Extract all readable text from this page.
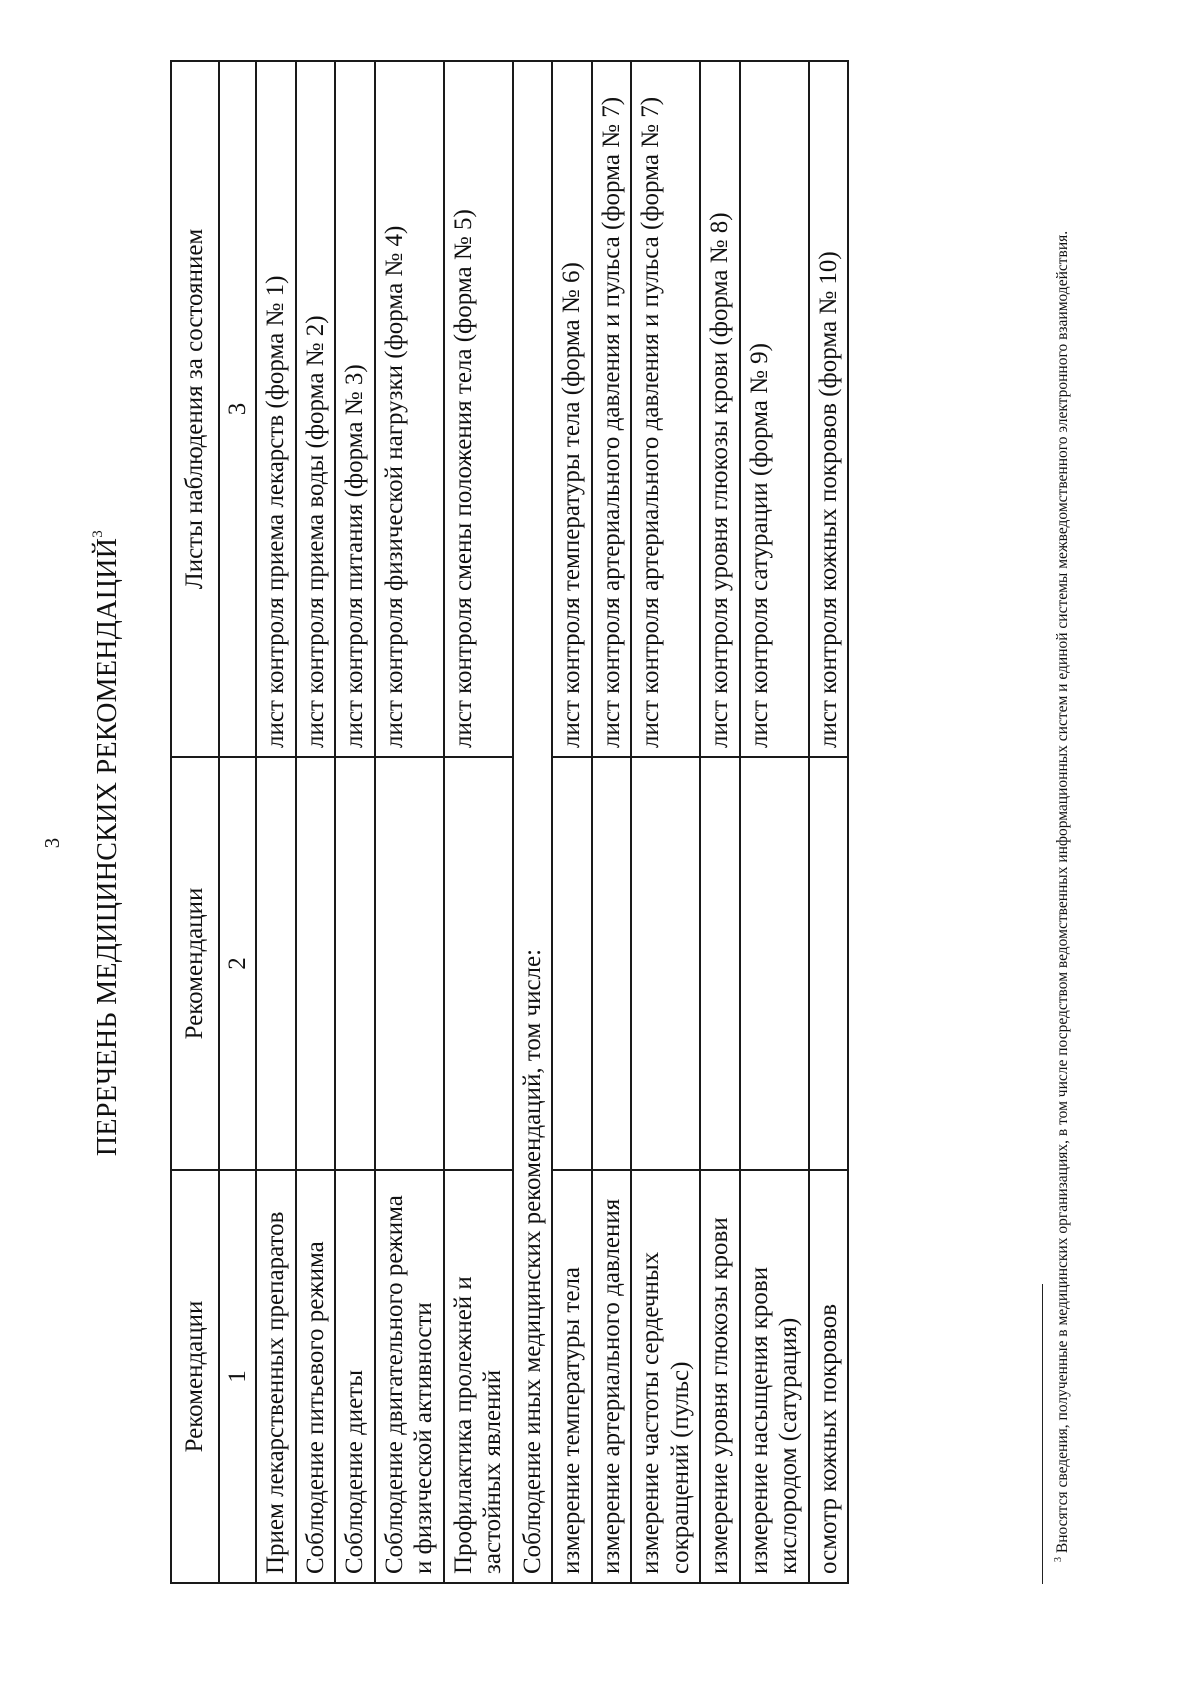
3 ПЕРЕЧЕНЬ МЕДИЦИНСКИХ РЕКОМЕНДАЦИЙ$^3$
Рекомендации	Рекомендации	Листы наблюдения за состоянием
1	2	3
Прием лекарственных препаратов		лист контроля приема лекарств (форма № 1)
Соблюдение питьевого режима		лист контроля приема воды (форма № 2)
Соблюдение диеты		лист контроля питания (форма № 3)
Соблюдение двигательного режима и физической активности		лист контроля физической нагрузки (форма № 4)
Профилактика пролежней и застойных явлений		лист контроля смены положения тела (форма № 5)
Соблюдение иных медицинских рекомендаций, том числе:		
измерение температуры тела		лист контроля температуры тела (форма № 6)
измерение артериального давления		лист контроля артериального давления и пульса (форма № 7)
измерение частоты сердечных сокращений (пульс)		лист контроля артериального давления и пульса (форма № 7)
измерение уровня глюкозы крови		лист контроля уровня глюкозы крови (форма № 8)
измерение насыщения крови кислородом (сатурация)		лист контроля сатурации (форма № 9)
осмотр кожных покровов		лист контроля кожных покровов (форма № 10)
$^3$ Вносятся сведения, полученные в медицинских организациях, в том числе посредством ведомственных информационных систем и единой системы межведомственного электронного взаимодействия.
